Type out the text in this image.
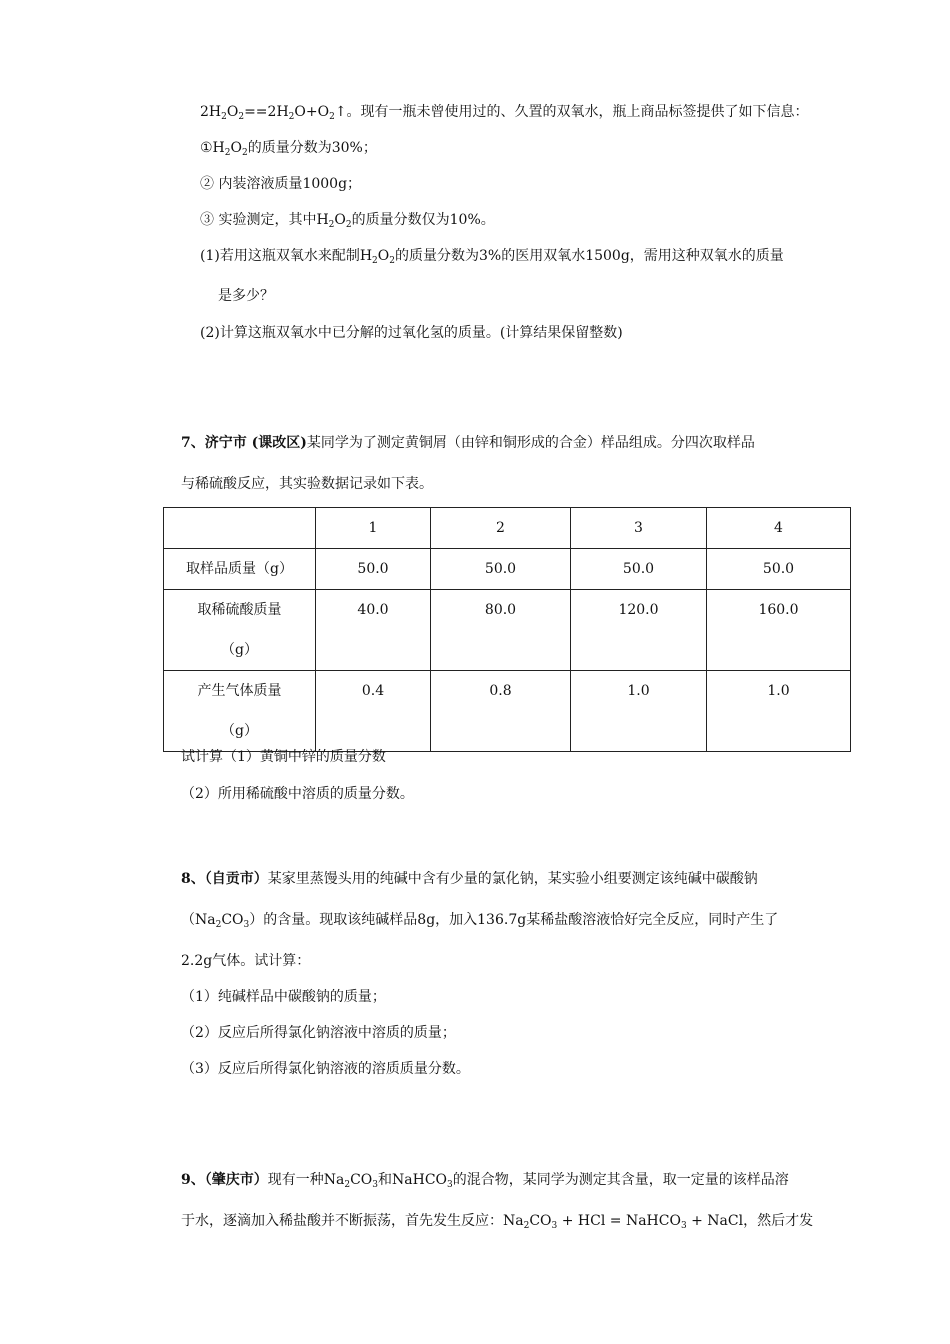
$2H_2O_2==2H_2O+O_2↑$。现有一瓶未曾使用过的、久置的双氧水，瓶上商品标签提供了如下信息：
$①H_2O_2$的质量分数为30%；
② 内装溶液质量1000g；
③ 实验测定，其中$H_2O_2$的质量分数仅为10%。
(1)若用这瓶双氧水来配制$H_2O_2$的质量分数为3%的医用双氧水1500g，需用这种双氧水的质量
是多少？
(2)计算这瓶双氧水中已分解的过氧化氢的质量。(计算结果保留整数)
7、济宁市 (课改区)某同学为了测定黄铜屑（由锌和铜形成的合金）样品组成。分四次取样品
与稀硫酸反应，其实验数据记录如下表。
	1	2	3	4
取样品质量（g）	50.0	50.0	50.0	50.0

取稀硫酸质量
（g）	40.0	80.0	120.0	160.0

产生气体质量
（g）	0.4	0.8	1.0	1.0
试计算（1）黄铜中锌的质量分数
（2）所用稀硫酸中溶质的质量分数。
8、（自贡市）某家里蒸馒头用的纯碱中含有少量的氯化钠，某实验小组要测定该纯碱中碳酸钠
$(Na_2CO_3)$的含量。现取该纯碱样品8g，加入136.7g某稀盐酸溶液恰好完全反应，同时产生了
2.2g气体。试计算：
（1）纯碱样品中碳酸钠的质量；
（2）反应后所得氯化钠溶液中溶质的质量；
（3）反应后所得氯化钠溶液的溶质质量分数。
9、（肇庆市）现有一种$Na_2CO_3$和NaHCO$_3$的混合物，某同学为测定其含量，取一定量的该样品溶
于水，逐滴加入稀盐酸并不断振荡，首先发生反应：$Na_2CO_3$ + HCl = NaHCO$_3$ + NaCl，然后才发
